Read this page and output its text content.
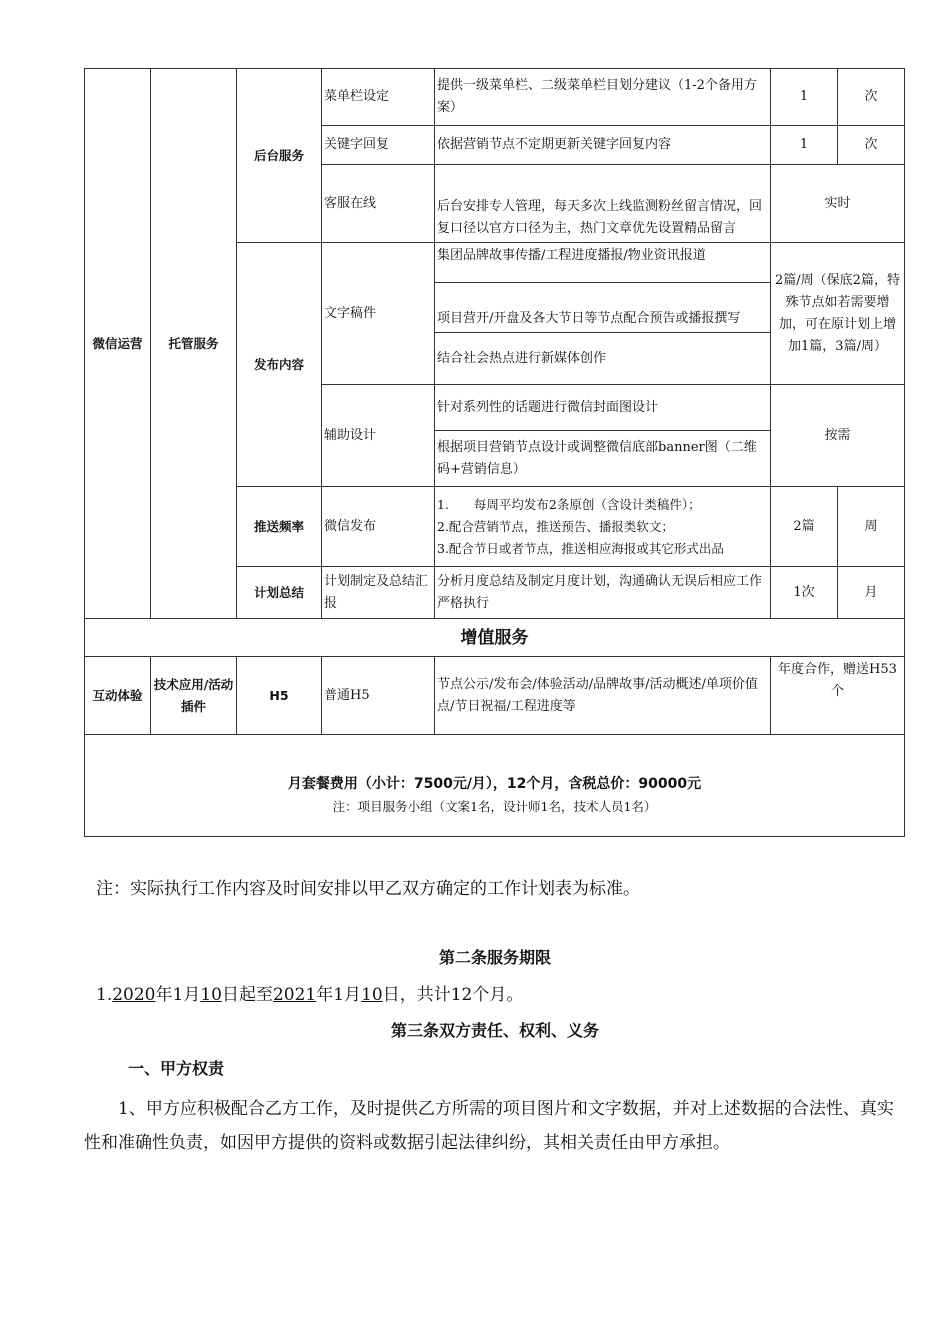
微信运营	托管服务	后台服务	菜单栏设定	提供一级菜单栏、二级菜单栏目划分建议（1-2个备用方案）	1	次
			关键字回复	依据营销节点不定期更新关键字回复内容	1	次
			客服在线	后台安排专人管理，每天多次上线监测粉丝留言情况，回复口径以官方口径为主，热门文章优先设置精品留言	实时	
		发布内容	文字稿件	集团品牌故事传播/工程进度播报/物业资讯报道	2篇/周（保底2篇，特殊节点如若需要增加，可在原计划上增加1篇，3篇/周）	
				项目营开/开盘及各大节日等节点配合预告或播报撰写		
				结合社会热点进行新媒体创作		
			辅助设计	针对系列性的话题进行微信封面图设计	按需	
				根据项目营销节点设计或调整微信底部banner图（二维码+营销信息）		
		推送频率	微信发布	1.　　每周平均发布2条原创（含设计类稿件）；
2.配合营销节点，推送预告、播报类软文；
3.配合节日或者节点，推送相应海报或其它形式出品	2篇	周
		计划总结	计划制定及总结汇报	分析月度总结及制定月度计划，沟通确认无误后相应工作严格执行	1次	月
增值服务						
互动体验	技术应用/活动插件	H5	普通H5	节点公示/发布会/体验活动/品牌故事/活动概述/单项价值点/节日祝福/工程进度等	年度合作，赠送H53个	

月套餐费用（小计：7500元/月），12个月，含税总价：90000元
注：项目服务小组（文案1名，设计师1名，技术人员1名）						
注：实际执行工作内容及时间安排以甲乙双方确定的工作计划表为标准。
第二条服务期限
1.2020年1月10日起至2021年1月10日，共计12个月。
第三条双方责任、权利、义务
一、甲方权责
1、甲方应积极配合乙方工作，及时提供乙方所需的项目图片和文字数据，并对上述数据的合法性、真实性和准确性负责，如因甲方提供的资料或数据引起法律纠纷，其相关责任由甲方承担。
